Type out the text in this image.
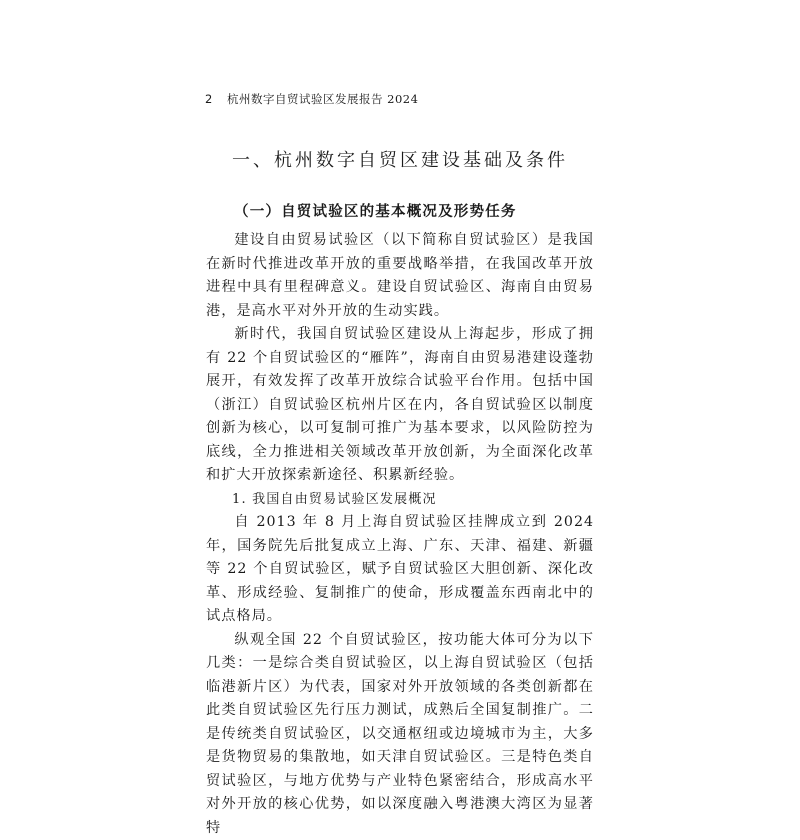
2 杭州数字自贸试验区发展报告 2024
一、杭州数字自贸区建设基础及条件
（一）自贸试验区的基本概况及形势任务

建设自由贸易试验区（以下简称自贸试验区）是我国在新时代推进改革开放的重要战略举措，在我国改革开放进程中具有里程碑意义。建设自贸试验区、海南自由贸易港，是高水平对外开放的生动实践。

新时代，我国自贸试验区建设从上海起步，形成了拥有 22 个自贸试验区的“雁阵”，海南自由贸易港建设蓬勃展开，有效发挥了改革开放综合试验平台作用。包括中国（浙江）自贸试验区杭州片区在内，各自贸试验区以制度创新为核心，以可复制可推广为基本要求，以风险防控为底线，全力推进相关领域改革开放创新，为全面深化改革和扩大开放探索新途径、积累新经验。

1. 我国自由贸易试验区发展概况

自 2013 年 8 月上海自贸试验区挂牌成立到 2024 年，国务院先后批复成立上海、广东、天津、福建、新疆等 22 个自贸试验区，赋予自贸试验区大胆创新、深化改革、形成经验、复制推广的使命，形成覆盖东西南北中的试点格局。

纵观全国 22 个自贸试验区，按功能大体可分为以下几类：一是综合类自贸试验区，以上海自贸试验区（包括临港新片区）为代表，国家对外开放领域的各类创新都在此类自贸试验区先行压力测试，成熟后全国复制推广。二是传统类自贸试验区，以交通枢纽或边境城市为主，大多是货物贸易的集散地，如天津自贸试验区。三是特色类自贸试验区，与地方优势与产业特色紧密结合，形成高水平对外开放的核心优势，如以深度融入粤港澳大湾区为显著特
